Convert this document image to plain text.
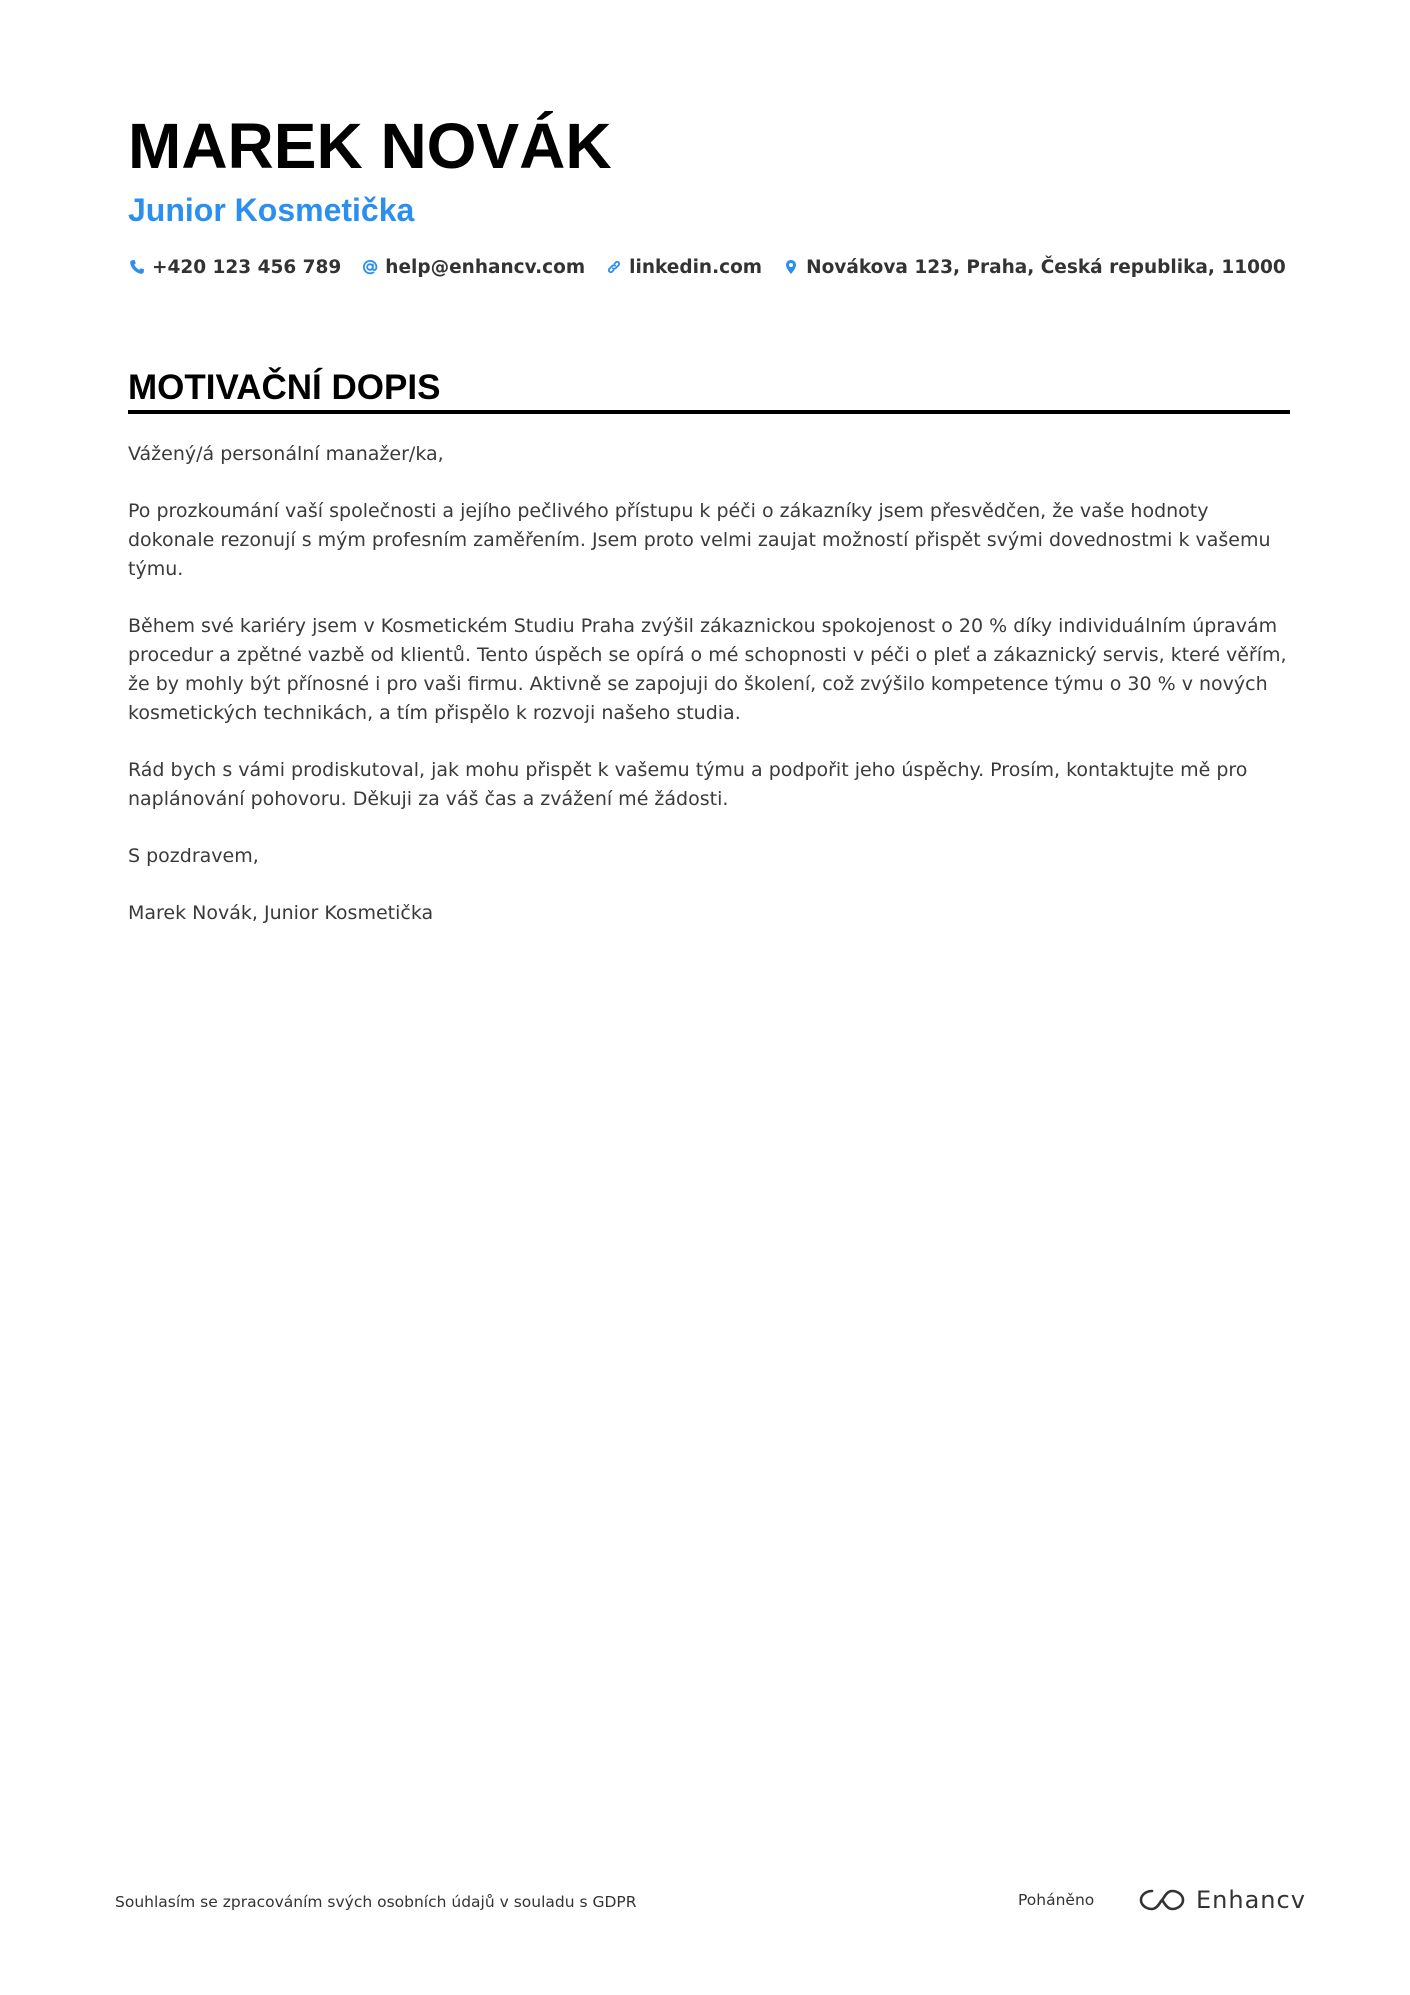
MAREK NOVÁK
Junior Kosmetička
+420 123 456 789 help@enhancv.com linkedin.com Novákova 123, Praha, Česká republika, 11000
MOTIVAČNÍ DOPIS

Vážený/á personální manažer/ka,

Po prozkoumání vaší společnosti a jejího pečlivého přístupu k péči o zákazníky jsem přesvědčen, že vaše hodnoty dokonale rezonují s mým profesním zaměřením. Jsem proto velmi zaujat možností přispět svými dovednostmi k vašemu týmu.

Během své kariéry jsem v Kosmetickém Studiu Praha zvýšil zákaznickou spokojenost o 20 % díky individuálním úpravám procedur a zpětné vazbě od klientů. Tento úspěch se opírá o mé schopnosti v péči o pleť a zákaznický servis, které věřím, že by mohly být přínosné i pro vaši firmu. Aktivně se zapojuji do školení, což zvýšilo kompetence týmu o 30 % v nových kosmetických technikách, a tím přispělo k rozvoji našeho studia.

Rád bych s vámi prodiskutoval, jak mohu přispět k vašemu týmu a podpořit jeho úspěchy. Prosím, kontaktujte mě pro naplánování pohovoru. Děkuji za váš čas a zvážení mé žádosti.

S pozdravem,

Marek Novák, Junior Kosmetička

Souhlasím se zpracováním svých osobních údajů v souladu s GDPR	Poháněno	Enhancv
